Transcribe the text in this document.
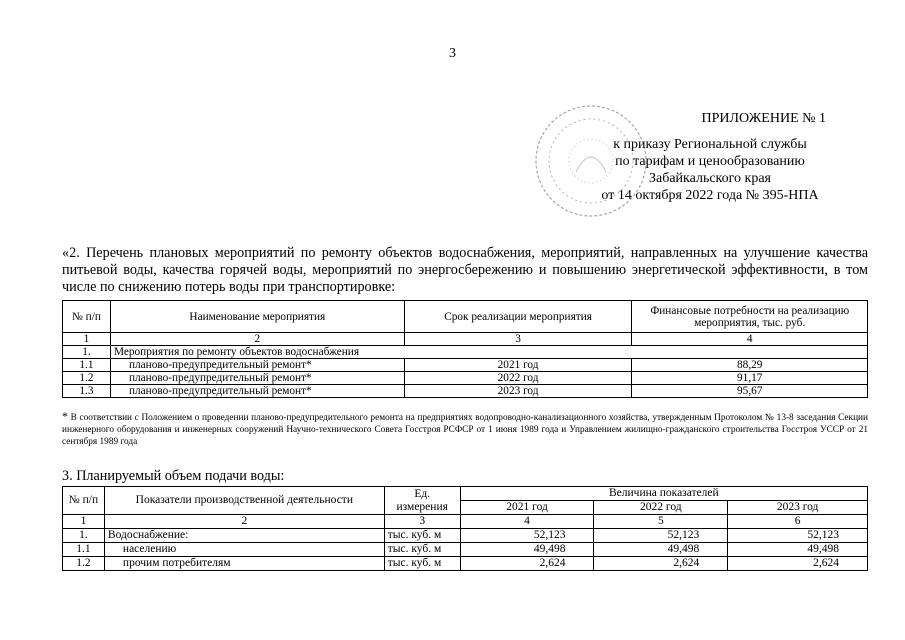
3
ПРИЛОЖЕНИЕ № 1
к приказу Региональной службы
по тарифам и ценообразованию
Забайкальского края
от 14 октября 2022 года № 395-НПА
«2. Перечень плановых мероприятий по ремонту объектов водоснабжения, мероприятий, направленных на улучшение качества питьевой воды, качества горячей воды, мероприятий по энергосбережению и повышению энергетической эффективности, в том числе по снижению потерь воды при транспортировке:
№ п/п	Наименование мероприятия	Срок реализации мероприятия	Финансовые потребности на реализацию мероприятия, тыс. руб.
1	2	3	4
1.	Мероприятия по ремонту объектов водоснабжения		
1.1	планово-предупредительный ремонт*	2021 год	88,29
1.2	планово-предупредительный ремонт*	2022 год	91,17
1.3	планово-предупредительный ремонт*	2023 год	95,67
* В соответствии с Положением о проведении планово-предупредительного ремонта на предприятиях водопроводно-канализационного хозяйства, утвержденным Протоколом № 13-8 заседания Секции инженерного оборудования и инженерных сооружений Научно-технического Совета Госстроя РСФСР от 1 июня 1989 года и Управлением жилищно-гражданского строительства Госстроя УССР от 21 сентября 1989 года
3. Планируемый объем подачи воды:
№ п/п	Показатели производственной деятельности	Ед. измерения	Величина показателей		
			2021 год	2022 год	2023 год
1	2	3	4	5	6
1.	Водоснабжение:	тыс. куб. м	52,123	52,123	52,123
1.1	населению	тыс. куб. м	49,498	49,498	49,498
1.2	прочим потребителям	тыс. куб. м	2,624	2,624	2,624
